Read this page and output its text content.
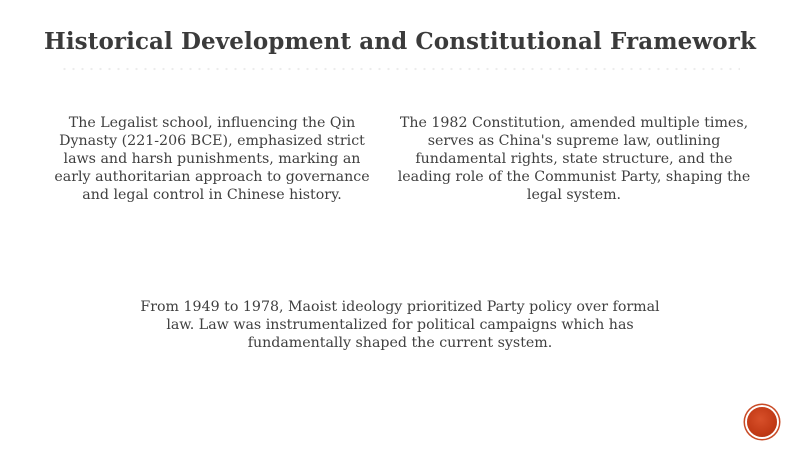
Historical Development and Constitutional Framework
The Legalist school, influencing the Qin Dynasty (221-206 BCE), emphasized strict laws and harsh punishments, marking an early authoritarian approach to governance and legal control in Chinese history.
The 1982 Constitution, amended multiple times, serves as China's supreme law, outlining fundamental rights, state structure, and the leading role of the Communist Party, shaping the legal system.
From 1949 to 1978, Maoist ideology prioritized Party policy over formal law. Law was instrumentalized for political campaigns which has fundamentally shaped the current system.
